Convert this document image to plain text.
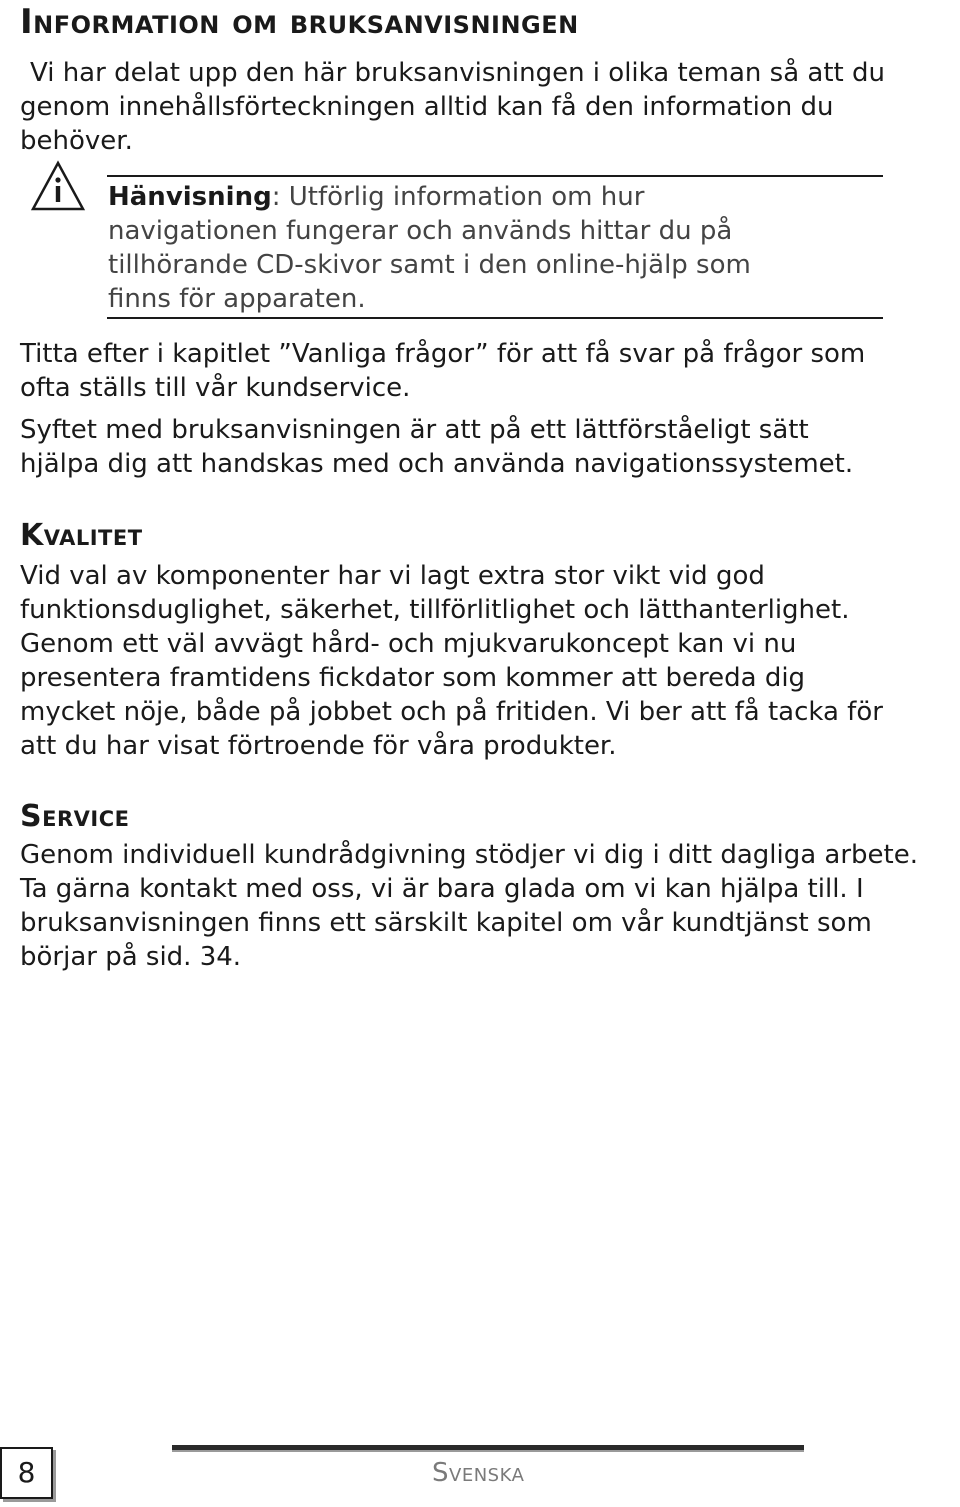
Information om bruksanvisningen

Vi har delat upp den här bruksanvisningen i olika teman så att du
genom innehållsförteckningen alltid kan få den information du
behöver.

Hänvisning: Utförlig information om hur
navigationen fungerar och används hittar du på
tillhörande CD-skivor samt i den online-hjälp som
finns för apparaten.

Titta efter i kapitlet ”Vanliga frågor” för att få svar på frågor som
ofta ställs till vår kundservice.

Syftet med bruksanvisningen är att på ett lättförståeligt sätt
hjälpa dig att handskas med och använda navigationssystemet.

Kvalitet

Vid val av komponenter har vi lagt extra stor vikt vid god
funktionsduglighet, säkerhet, tillförlitlighet och lätthanterlighet.
Genom ett väl avvägt hård- och mjukvarukoncept kan vi nu
presentera framtidens fickdator som kommer att bereda dig
mycket nöje, både på jobbet och på fritiden. Vi ber att få tacka för
att du har visat förtroende för våra produkter.

Service

Genom individuell kundrådgivning stödjer vi dig i ditt dagliga arbete.
Ta gärna kontakt med oss, vi är bara glada om vi kan hjälpa till. I
bruksanvisningen finns ett särskilt kapitel om vår kundtjänst som
börjar på sid. 34.

8	Svenska
